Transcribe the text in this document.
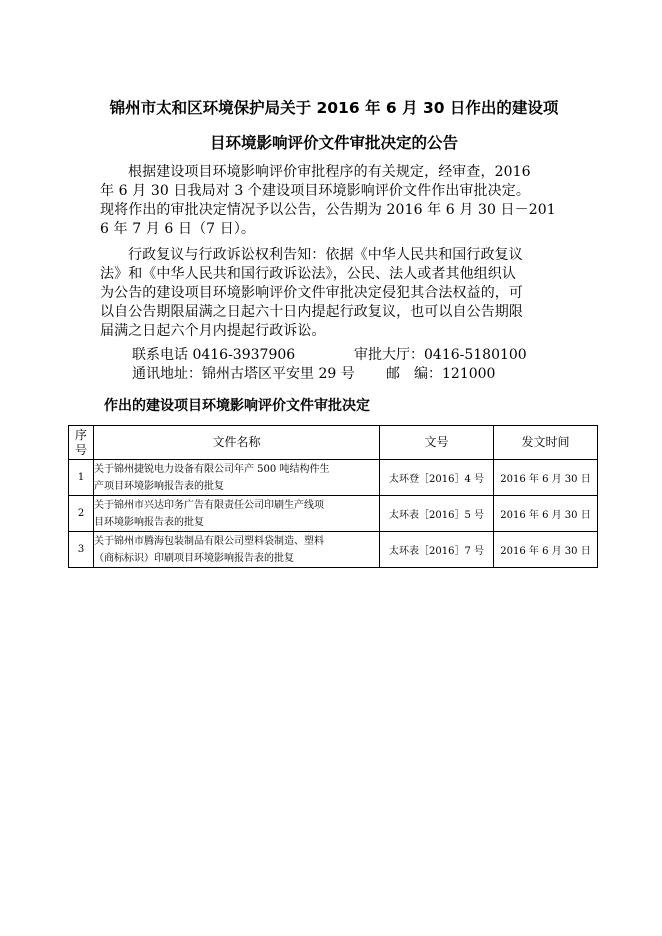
锦州市太和区环境保护局关于 2016 年 6 月 30 日作出的建设项
目环境影响评价文件审批决定的公告
根据建设项目环境影响评价审批程序的有关规定，经审查，2016
年 6 月 30 日我局对 3 个建设项目环境影响评价文件作出审批决定。
现将作出的审批决定情况予以公告，公告期为 2016 年 6 月 30 日－201
6 年 7 月 6 日（7 日）。
行政复议与行政诉讼权利告知：依据《中华人民共和国行政复议
法》和《中华人民共和国行政诉讼法》，公民、法人或者其他组织认
为公告的建设项目环境影响评价文件审批决定侵犯其合法权益的，可
以自公告期限届满之日起六十日内提起行政复议，也可以自公告期限
届满之日起六个月内提起行政诉讼。
联系电话 0416-3937906	审批大厅：0416-5180100
通讯地址：锦州古塔区平安里 29 号 邮　编：121000
作出的建设项目环境影响评价文件审批决定
序号	文件名称	文号	发文时间
1	关于锦州捷锐电力设备有限公司年产 500 吨结构件生
产项目环境影响报告表的批复	太环登［2016］4 号	2016 年 6 月 30 日
2	关于锦州市兴达印务广告有限责任公司印刷生产线项
目环境影响报告表的批复	太环表［2016］5 号	2016 年 6 月 30 日
3	关于锦州市腾海包装制品有限公司塑料袋制造、塑料
（商标标识）印刷项目环境影响报告表的批复	太环表［2016］7 号	2016 年 6 月 30 日
